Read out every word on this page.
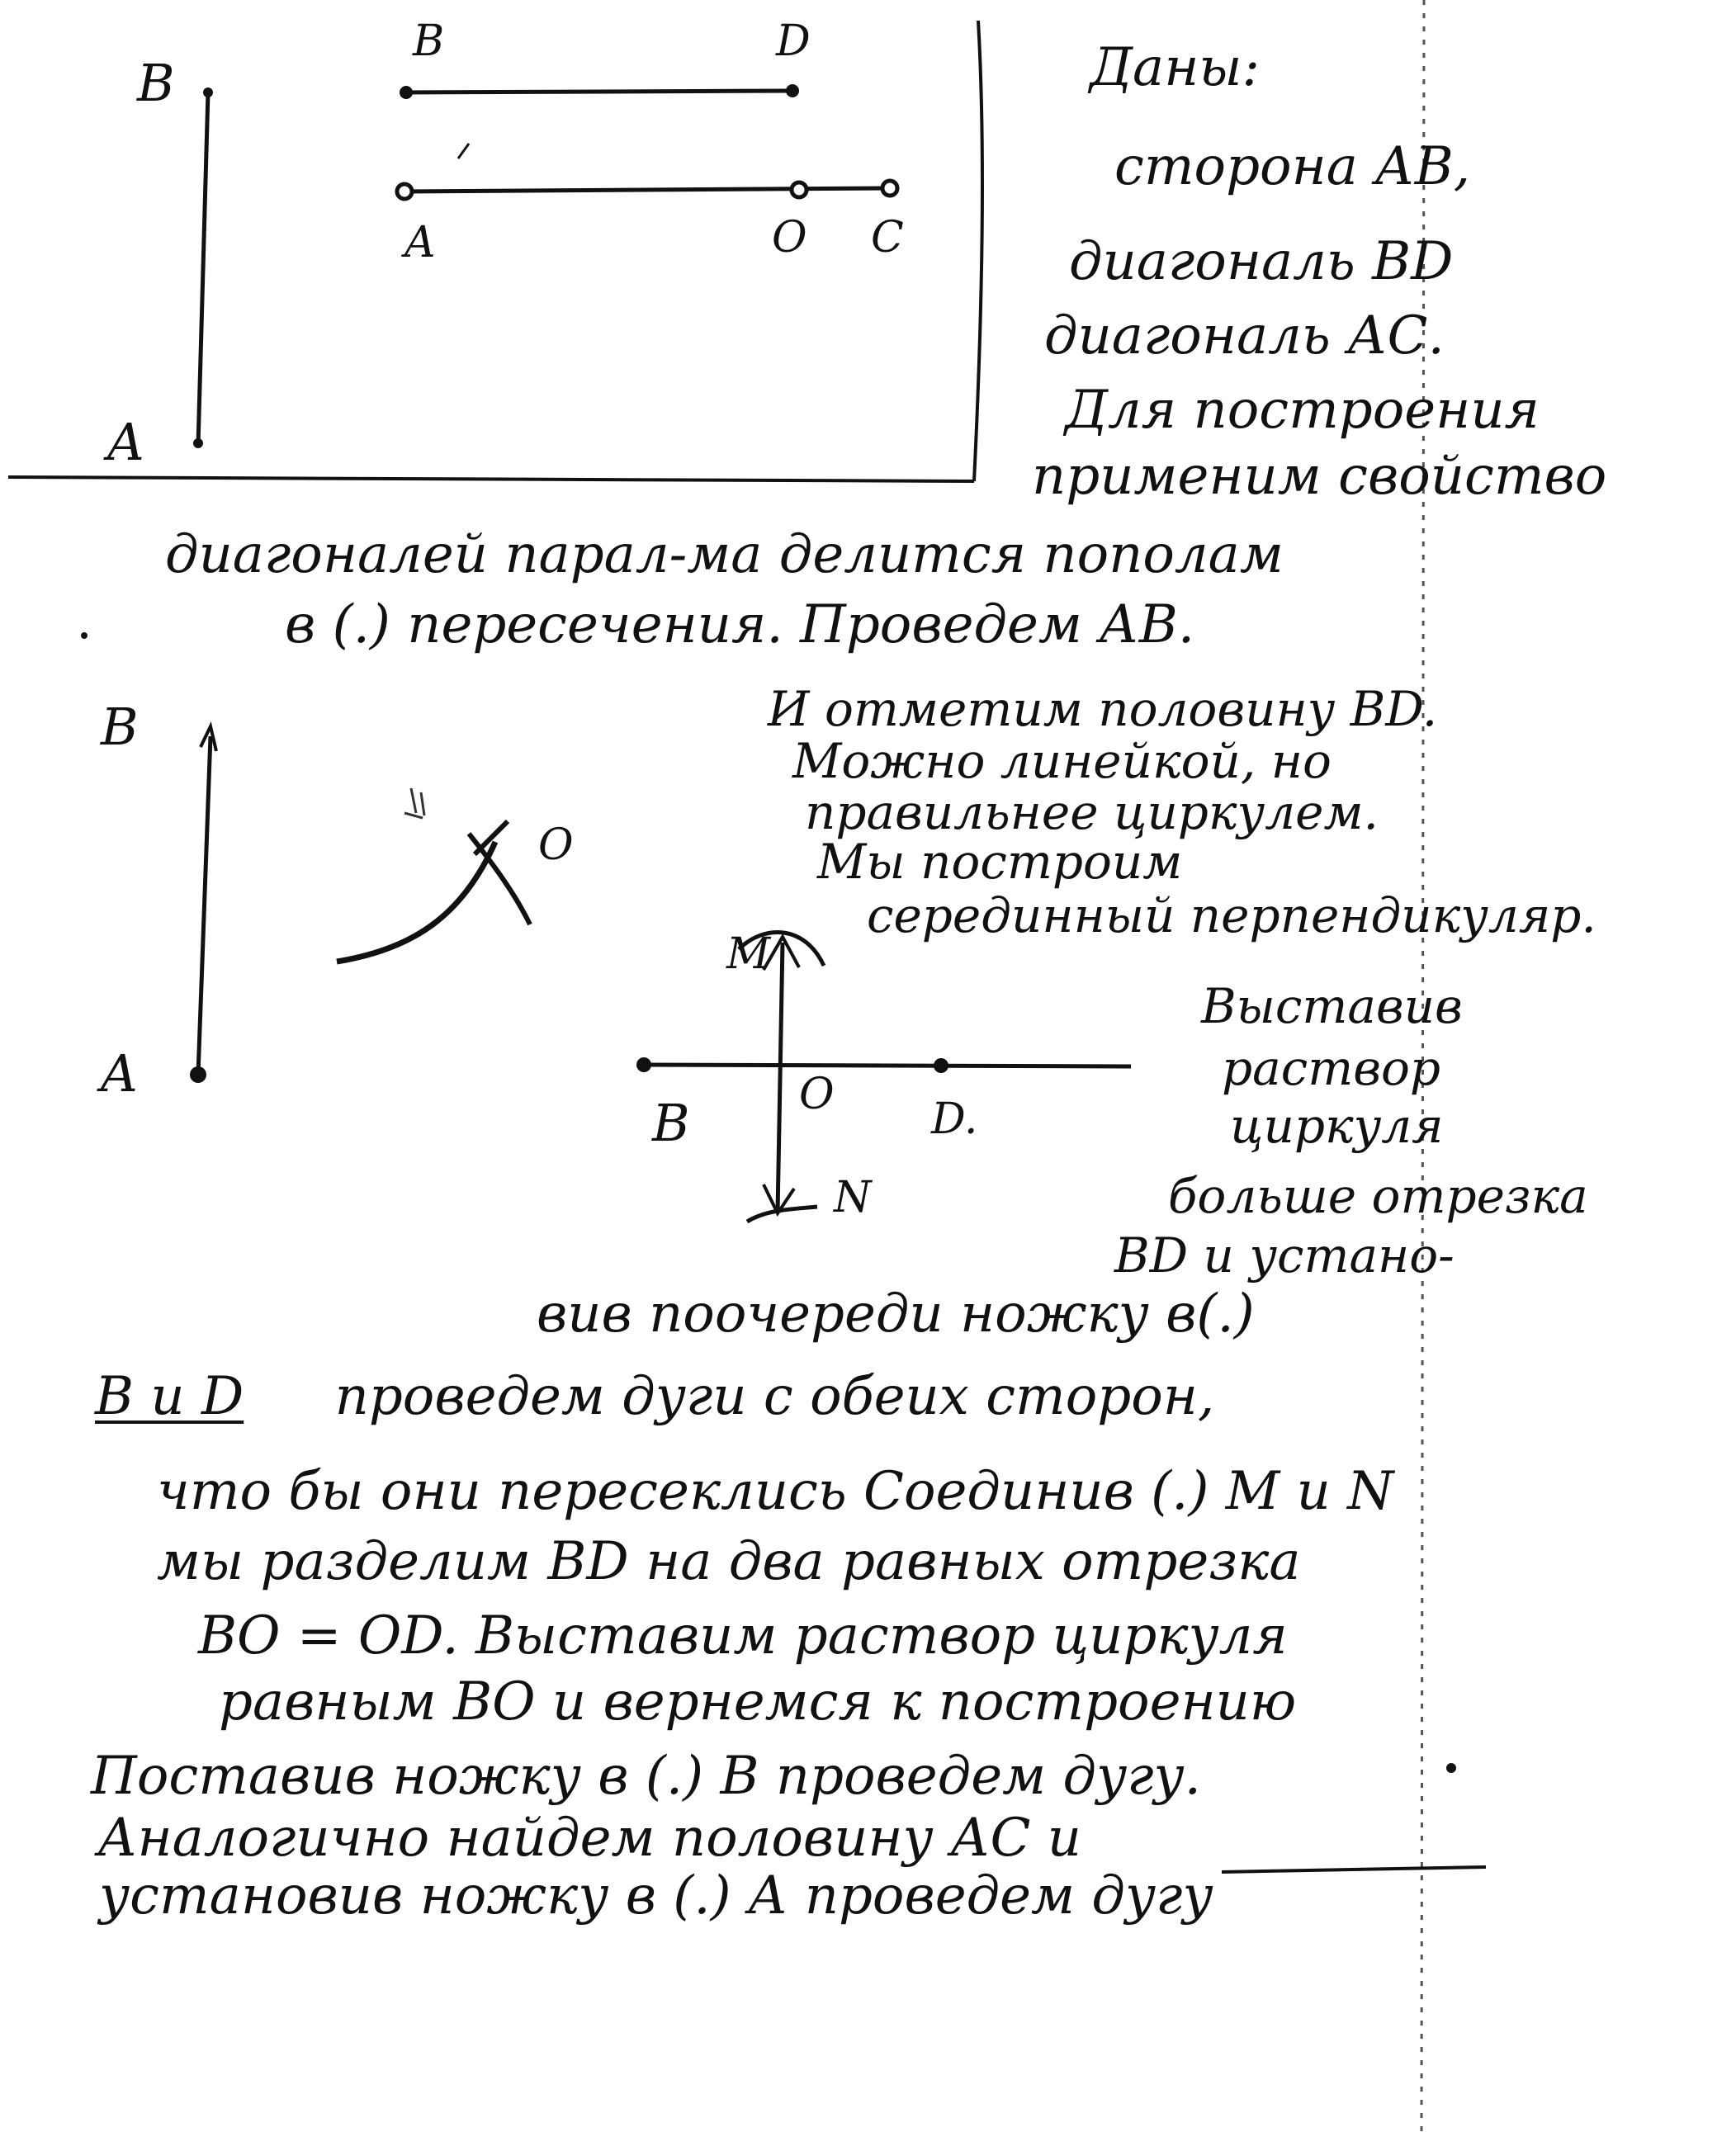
B
A
B	D
A	O C
Даны:
сторона АВ,
диагональ ВD
диагональ АС.
Для построения
применим свойство
диагоналей парал-ма делится пополам
в (.) пересечения. Проведем АВ.
B
A
O
И отметим половину ВD.
Можно линейкой, но
правильнее циркулем.
Мы построим
серединный перпендикуляр.
M
N
B	O D.
Выставив
раствор
циркуля
больше отрезка
ВD и устано-
вив поочереди ножку в(.)
В и D проведем дуги с обеих сторон,
что бы они пересеклись Соединив (.) М и N
мы разделим ВD на два равных отрезка
ВО = ОD. Выставим раствор циркуля
равным ВО и вернемся к построению
Поставив ножку в (.) В проведем дугу.
Аналогично найдем половину АС и
установив ножку в (.) А проведем дугу
